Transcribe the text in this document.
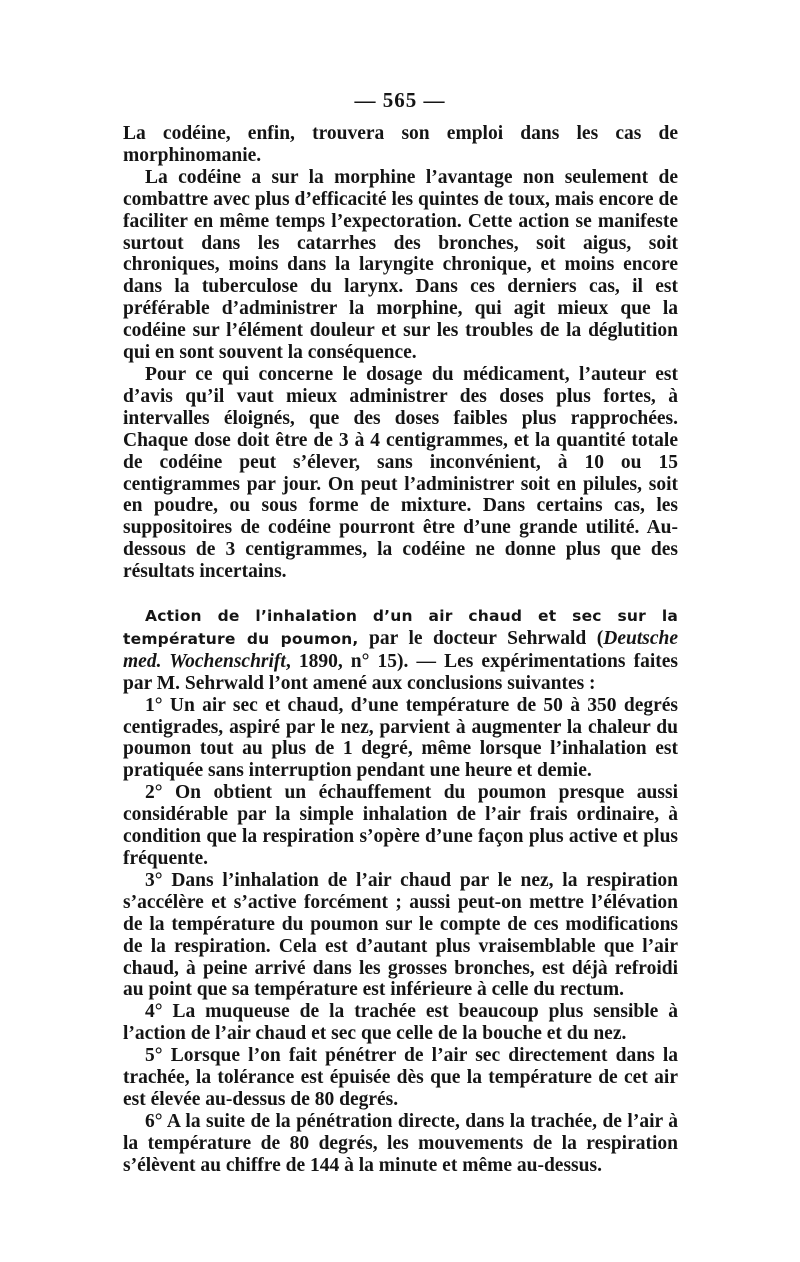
— 565 —

La codéine, enfin, trouvera son emploi dans les cas de morphinomanie.

La codéine a sur la morphine l’avantage non seulement de combattre avec plus d’efficacité les quintes de toux, mais encore de faciliter en même temps l’expectoration. Cette action se manifeste surtout dans les catarrhes des bronches, soit aigus, soit chroniques, moins dans la laryngite chronique, et moins encore dans la tuberculose du larynx. Dans ces derniers cas, il est préférable d’administrer la morphine, qui agit mieux que la codéine sur l’élément douleur et sur les troubles de la déglutition qui en sont souvent la conséquence.

Pour ce qui concerne le dosage du médicament, l’auteur est d’avis qu’il vaut mieux administrer des doses plus fortes, à intervalles éloignés, que des doses faibles plus rapprochées. Chaque dose doit être de 3 à 4 centigrammes, et la quantité totale de codéine peut s’élever, sans inconvénient, à 10 ou 15 centigrammes par jour. On peut l’administrer soit en pilules, soit en poudre, ou sous forme de mixture. Dans certains cas, les suppositoires de codéine pourront être d’une grande utilité. Au-dessous de 3 centigrammes, la codéine ne donne plus que des résultats incertains.

Action de l’inhalation d’un air chaud et sec sur la température du poumon, par le docteur Sehrwald (Deutsche med. Wochenschrift, 1890, n° 15). — Les expérimentations faites par M. Sehrwald l’ont amené aux conclusions suivantes :

1° Un air sec et chaud, d’une température de 50 à 350 degrés centigrades, aspiré par le nez, parvient à augmenter la chaleur du poumon tout au plus de 1 degré, même lorsque l’inhalation est pratiquée sans interruption pendant une heure et demie.

2° On obtient un échauffement du poumon presque aussi considérable par la simple inhalation de l’air frais ordinaire, à condition que la respiration s’opère d’une façon plus active et plus fréquente.

3° Dans l’inhalation de l’air chaud par le nez, la respiration s’accélère et s’active forcément ; aussi peut-on mettre l’élévation de la température du poumon sur le compte de ces modifications de la respiration. Cela est d’autant plus vraisemblable que l’air chaud, à peine arrivé dans les grosses bronches, est déjà refroidi au point que sa température est inférieure à celle du rectum.

4° La muqueuse de la trachée est beaucoup plus sensible à l’action de l’air chaud et sec que celle de la bouche et du nez.

5° Lorsque l’on fait pénétrer de l’air sec directement dans la trachée, la tolérance est épuisée dès que la température de cet air est élevée au-dessus de 80 degrés.

6° A la suite de la pénétration directe, dans la trachée, de l’air à la température de 80 degrés, les mouvements de la respiration s’élèvent au chiffre de 144 à la minute et même au-dessus.
